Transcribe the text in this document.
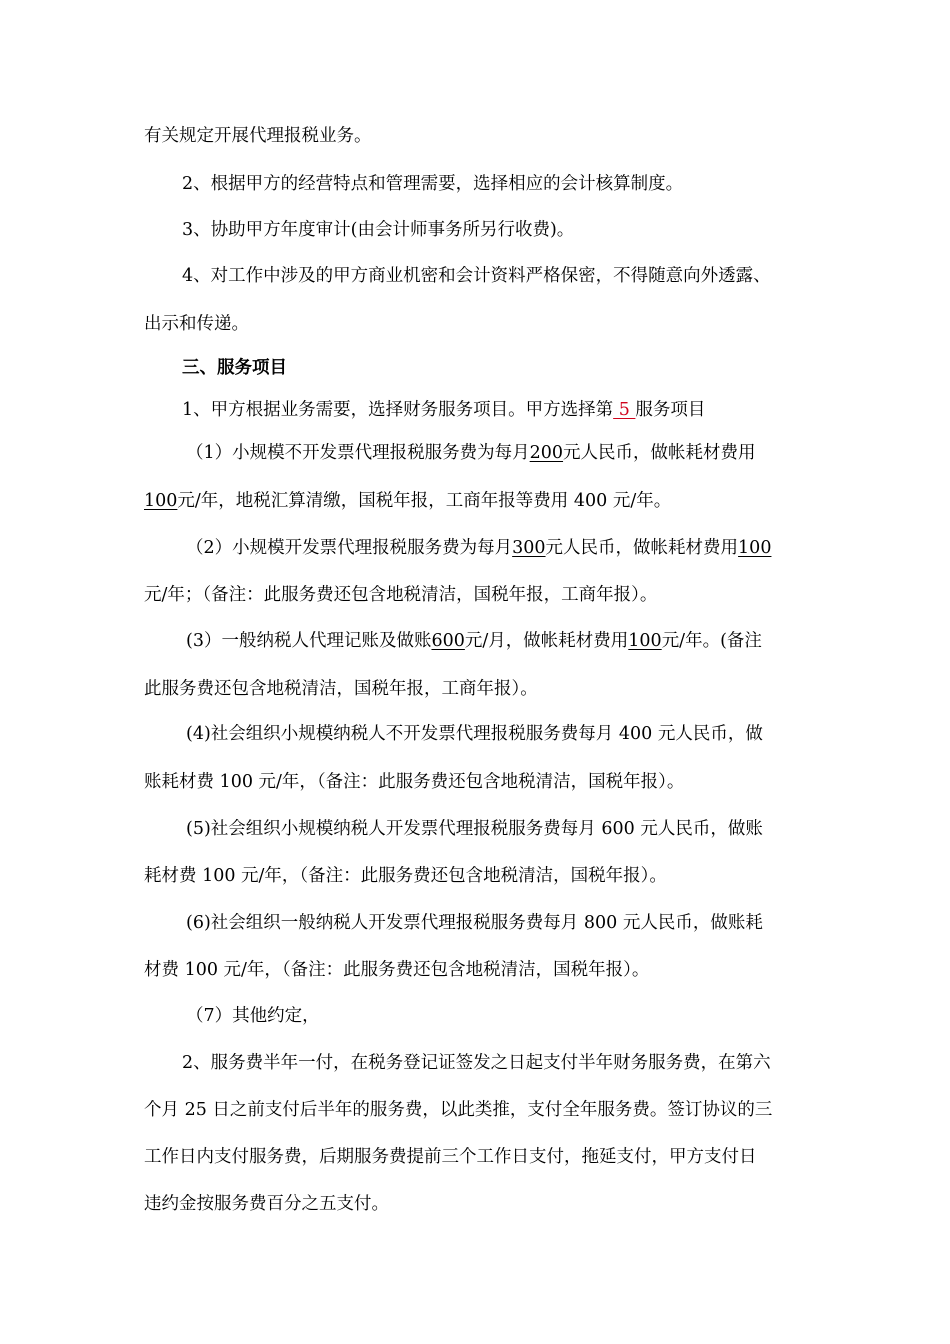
有关规定开展代理报税业务。
2、根据甲方的经营特点和管理需要，选择相应的会计核算制度。
3、协助甲方年度审计(由会计师事务所另行收费)。
4、对工作中涉及的甲方商业机密和会计资料严格保密，不得随意向外透露、
出示和传递。
三、服务项目
1、甲方根据业务需要，选择财务服务项目。甲方选择第 5 服务项目
（1）小规模不开发票代理报税服务费为每月200元人民币，做帐耗材费用
100元/年，地税汇算清缴，国税年报，工商年报等费用 400 元/年。
（2）小规模开发票代理报税服务费为每月300元人民币，做帐耗材费用100
元/年；（备注：此服务费还包含地税清洁，国税年报，工商年报）。
(3）一般纳税人代理记账及做账600元/月，做帐耗材费用100元/年。(备注
此服务费还包含地税清洁，国税年报，工商年报）。
(4)社会组织小规模纳税人不开发票代理报税服务费每月 400 元人民币，做
账耗材费 100 元/年，（备注：此服务费还包含地税清洁，国税年报）。
(5)社会组织小规模纳税人开发票代理报税服务费每月 600 元人民币，做账
耗材费 100 元/年，（备注：此服务费还包含地税清洁，国税年报）。
(6)社会组织一般纳税人开发票代理报税服务费每月 800 元人民币，做账耗
材费 100 元/年，（备注：此服务费还包含地税清洁，国税年报）。
（7）其他约定，
2、服务费半年一付，在税务登记证签发之日起支付半年财务服务费，在第六
个月 25 日之前支付后半年的服务费，以此类推，支付全年服务费。签订协议的三
工作日内支付服务费，后期服务费提前三个工作日支付，拖延支付，甲方支付日
违约金按服务费百分之五支付。
